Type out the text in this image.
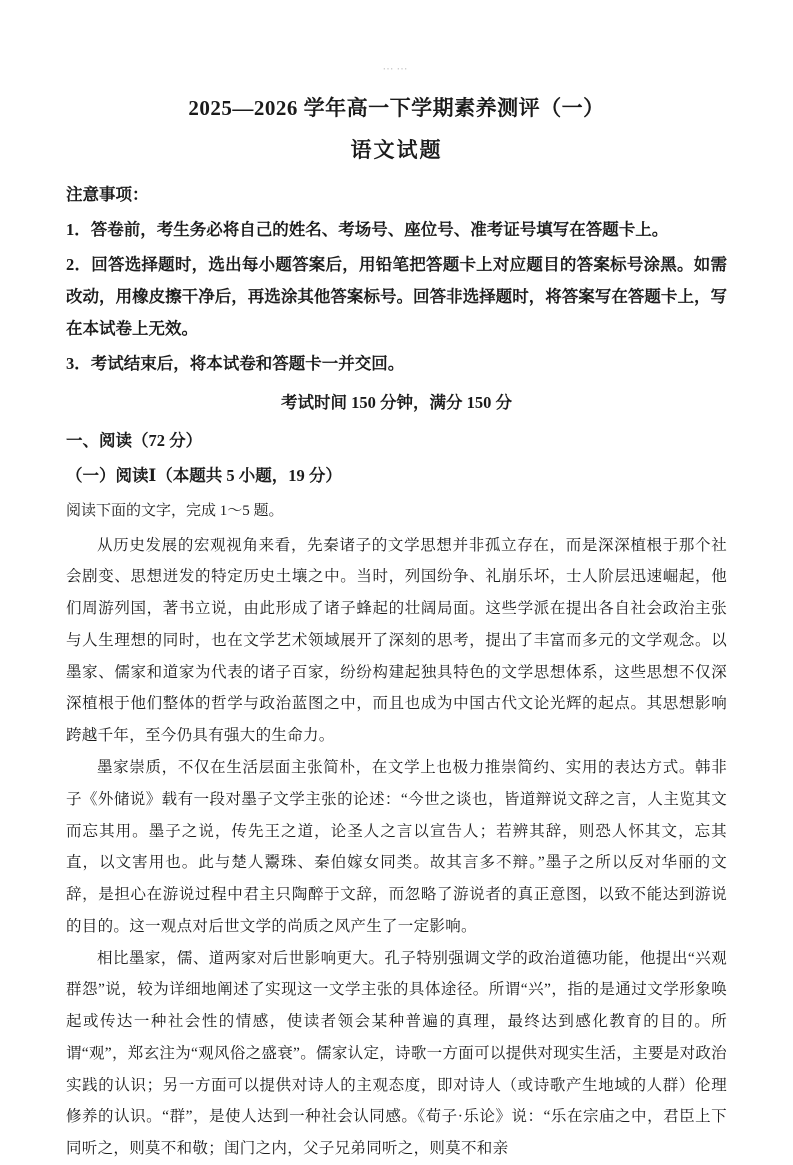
⋯⋯
2025—2026 学年高一下学期素养测评（一）
语文试题

注意事项：

1．答卷前，考生务必将自己的姓名、考场号、座位号、准考证号填写在答题卡上。

2．回答选择题时，选出每小题答案后，用铅笔把答题卡上对应题目的答案标号涂黑。如需改动，用橡皮擦干净后，再选涂其他答案标号。回答非选择题时，将答案写在答题卡上，写在本试卷上无效。

3．考试结束后，将本试卷和答题卡一并交回。

考试时间 150 分钟，满分 150 分

一、阅读（72 分）

（一）阅读Ⅰ（本题共 5 小题，19 分）

阅读下面的文字，完成 1～5 题。

从历史发展的宏观视角来看，先秦诸子的文学思想并非孤立存在，而是深深植根于那个社会剧变、思想迸发的特定历史土壤之中。当时，列国纷争、礼崩乐坏，士人阶层迅速崛起，他们周游列国，著书立说，由此形成了诸子蜂起的壮阔局面。这些学派在提出各自社会政治主张与人生理想的同时，也在文学艺术领域展开了深刻的思考，提出了丰富而多元的文学观念。以墨家、儒家和道家为代表的诸子百家，纷纷构建起独具特色的文学思想体系，这些思想不仅深深植根于他们整体的哲学与政治蓝图之中，而且也成为中国古代文论光辉的起点。其思想影响跨越千年，至今仍具有强大的生命力。

墨家崇质，不仅在生活层面主张简朴，在文学上也极力推崇简约、实用的表达方式。韩非子《外储说》载有一段对墨子文学主张的论述：“今世之谈也，皆道辩说文辞之言，人主览其文而忘其用。墨子之说，传先王之道，论圣人之言以宣告人；若辨其辞，则恐人怀其文，忘其直，以文害用也。此与楚人鬻珠、秦伯嫁女同类。故其言多不辩。”墨子之所以反对华丽的文辞，是担心在游说过程中君主只陶醉于文辞，而忽略了游说者的真正意图，以致不能达到游说的目的。这一观点对后世文学的尚质之风产生了一定影响。

相比墨家，儒、道两家对后世影响更大。孔子特别强调文学的政治道德功能，他提出“兴观群怨”说，较为详细地阐述了实现这一文学主张的具体途径。所谓“兴”，指的是通过文学形象唤起或传达一种社会性的情感，使读者领会某种普遍的真理，最终达到感化教育的目的。所谓“观”，郑玄注为“观风俗之盛衰”。儒家认定，诗歌一方面可以提供对现实生活，主要是对政治实践的认识；另一方面可以提供对诗人的主观态度，即对诗人（或诗歌产生地域的人群）伦理修养的认识。“群”，是使人达到一种社会认同感。《荀子·乐论》说：“乐在宗庙之中，君臣上下同听之，则莫不和敬；闺门之内，父子兄弟同听之，则莫不和亲
